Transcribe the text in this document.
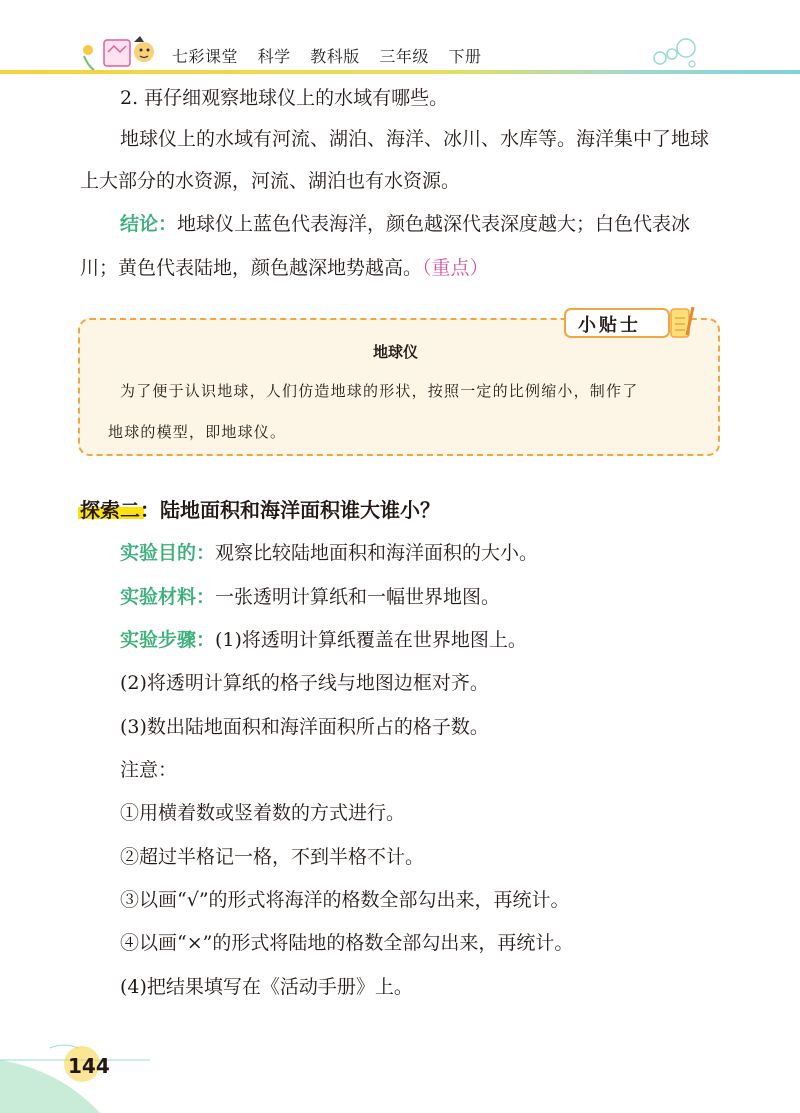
七彩课堂 科学 教科版 三年级 下册
2. 再仔细观察地球仪上的水域有哪些。
地球仪上的水域有河流、湖泊、海洋、冰川、水库等。海洋集中了地球
上大部分的水资源，河流、湖泊也有水资源。
结论：地球仪上蓝色代表海洋，颜色越深代表深度越大；白色代表冰
川；黄色代表陆地，颜色越深地势越高。（重点）
小贴士
地球仪
为了便于认识地球，人们仿造地球的形状，按照一定的比例缩小，制作了
地球的模型，即地球仪。
探索二：陆地面积和海洋面积谁大谁小？
实验目的：观察比较陆地面积和海洋面积的大小。
实验材料：一张透明计算纸和一幅世界地图。
实验步骤：(1)将透明计算纸覆盖在世界地图上。
(2)将透明计算纸的格子线与地图边框对齐。
(3)数出陆地面积和海洋面积所占的格子数。
注意：
①用横着数或竖着数的方式进行。
②超过半格记一格，不到半格不计。
③以画“√”的形式将海洋的格数全部勾出来，再统计。
④以画“×”的形式将陆地的格数全部勾出来，再统计。
(4)把结果填写在《活动手册》上。
144
